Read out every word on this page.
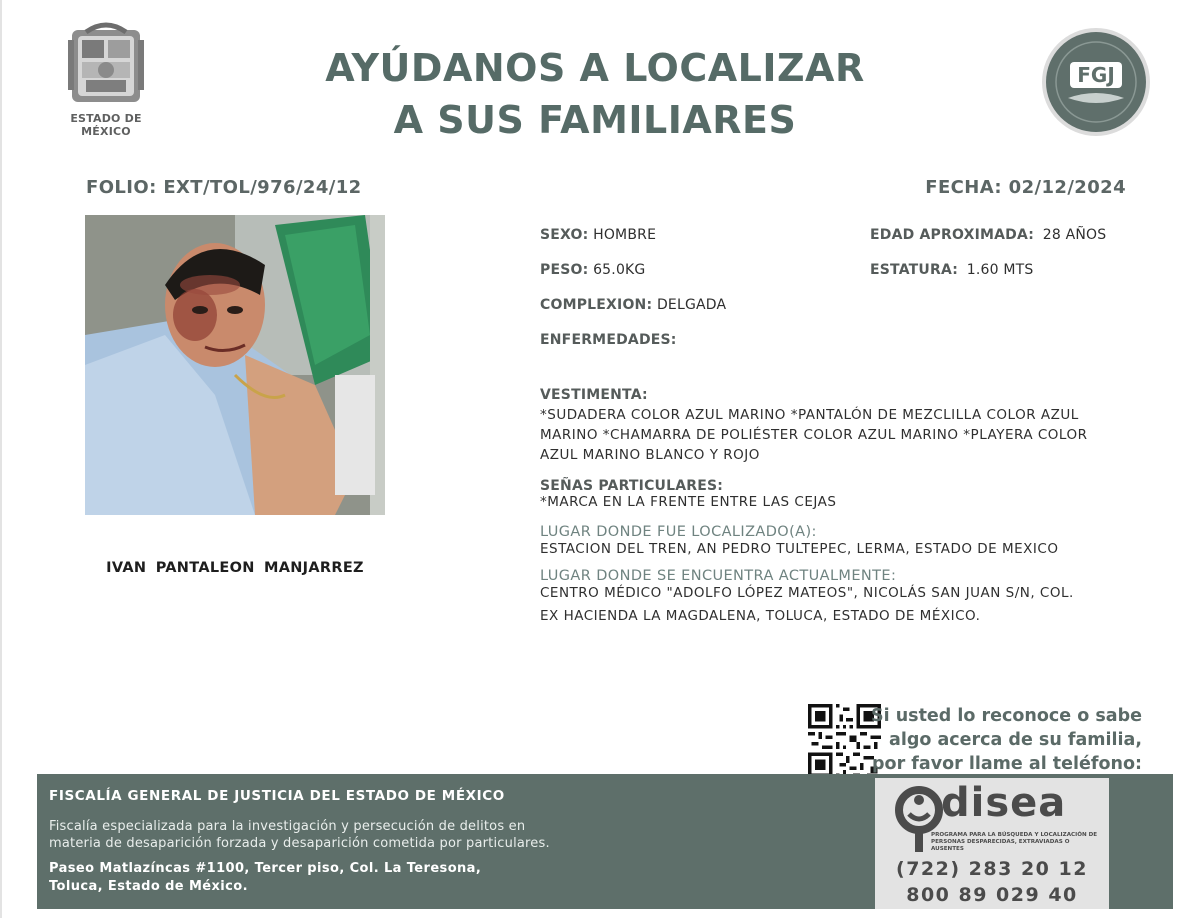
ESTADO DE MÉXICO
AYÚDANOS A LOCALIZAR
A SUS FAMILIARES
FGJ
FOLIO: EXT/TOL/976/24/12	FECHA: 02/12/2024
IVAN PANTALEON MANJARREZ
SEXO: HOMBRE	EDAD APROXIMADA: 28 AÑOS
PESO: 65.0KG	ESTATURA: 1.60 MTS
COMPLEXION: DELGADA
ENFERMEDADES:
VESTIMENTA:
*SUDADERA COLOR AZUL MARINO *PANTALÓN DE MEZCLILLA COLOR AZUL
MARINO *CHAMARRA DE POLIÉSTER COLOR AZUL MARINO *PLAYERA COLOR
AZUL MARINO BLANCO Y ROJO
SEÑAS PARTICULARES:
*MARCA EN LA FRENTE ENTRE LAS CEJAS
LUGAR DONDE FUE LOCALIZADO(A):
ESTACION DEL TREN, AN PEDRO TULTEPEC, LERMA, ESTADO DE MEXICO
LUGAR DONDE SE ENCUENTRA ACTUALMENTE:
CENTRO MÉDICO "ADOLFO LÓPEZ MATEOS", NICOLÁS SAN JUAN S/N, COL.
EX HACIENDA LA MAGDALENA, TOLUCA, ESTADO DE MÉXICO.
Si usted lo reconoce o sabe
algo acerca de su familia,
por favor llame al teléfono:
FISCALÍA GENERAL DE JUSTICIA DEL ESTADO DE MÉXICO
Fiscalía especializada para la investigación y persecución de delitos en
materia de desaparición forzada y desaparición cometida por particulares.
Paseo Matlazíncas #1100, Tercer piso, Col. La Teresona,
Toluca, Estado de México.
disea
PROGRAMA PARA LA BÚSQUEDA Y LOCALIZACIÓN DE PERSONAS DESPARECIDAS, EXTRAVIADAS O AUSENTES
(722) 283 20 12
800 89 029 40
